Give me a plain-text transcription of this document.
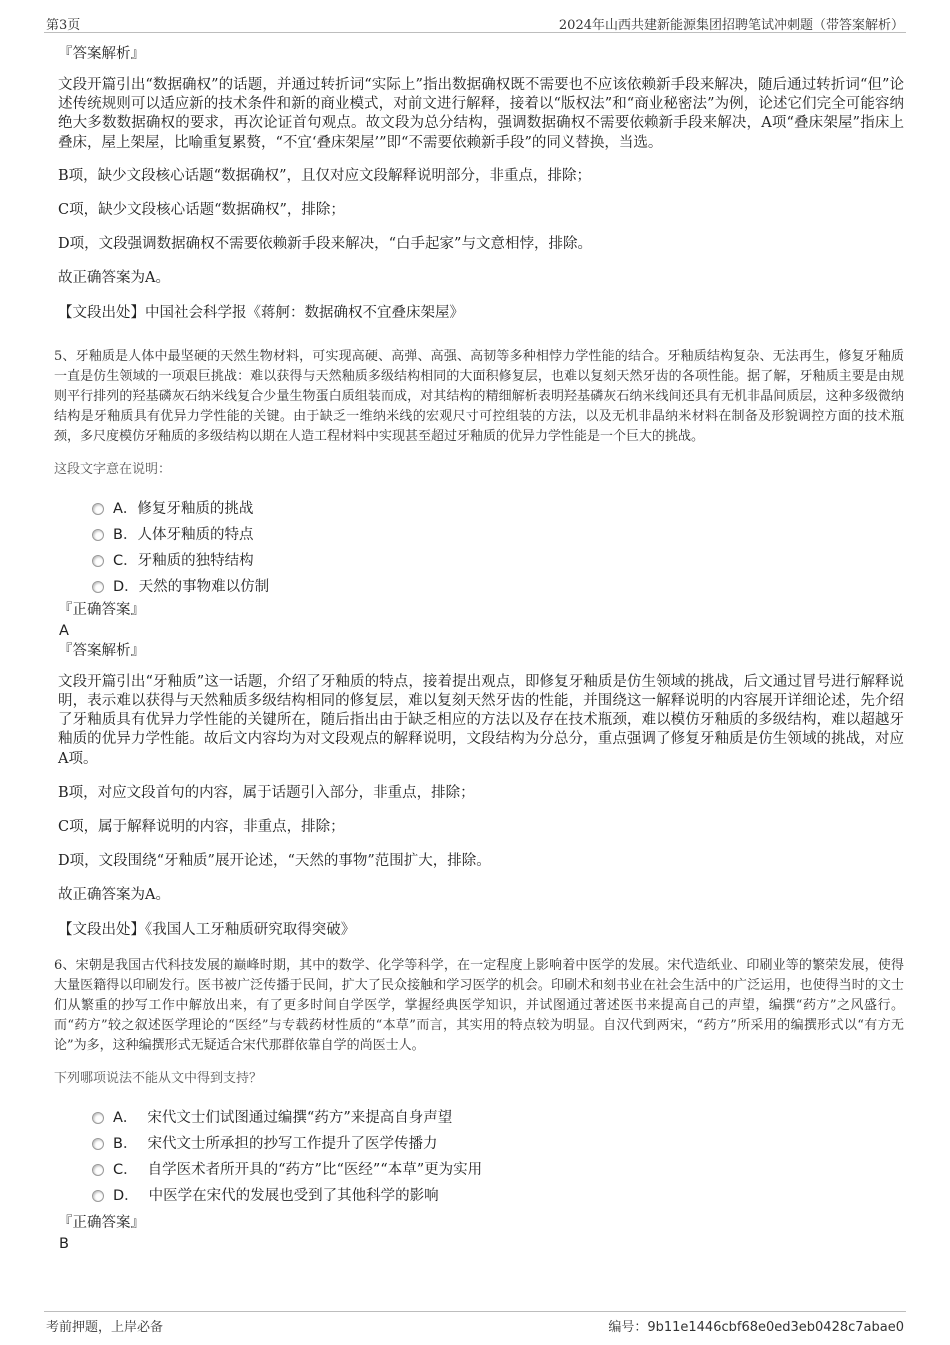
第3页	2024年山西共建新能源集团招聘笔试冲刺题（带答案解析）

『答案解析』

文段开篇引出“数据确权”的话题，并通过转折词“实际上”指出数据确权既不需要也不应该依赖新手段来解决，随后通过转折词“但”论述传统规则可以适应新的技术条件和新的商业模式，对前文进行解释，接着以“版权法”和“商业秘密法”为例，论述它们完全可能容纳绝大多数数据确权的要求，再次论证首句观点。故文段为总分结构，强调数据确权不需要依赖新手段来解决，A项“叠床架屋”指床上叠床，屋上架屋，比喻重复累赘，“不宜‘叠床架屋’”即“不需要依赖新手段”的同义替换，当选。

B项，缺少文段核心话题“数据确权”，且仅对应文段解释说明部分，非重点，排除；

C项，缺少文段核心话题“数据确权”，排除；

D项，文段强调数据确权不需要依赖新手段来解决，“白手起家”与文意相悖，排除。

故正确答案为A。

【文段出处】中国社会科学报《蒋舸：数据确权不宜叠床架屋》

5、牙釉质是人体中最坚硬的天然生物材料，可实现高硬、高弹、高强、高韧等多种相悖力学性能的结合。牙釉质结构复杂、无法再生，修复牙釉质一直是仿生领域的一项艰巨挑战：难以获得与天然釉质多级结构相同的大面积修复层，也难以复刻天然牙齿的各项性能。据了解，牙釉质主要是由规则平行排列的羟基磷灰石纳米线复合少量生物蛋白质组装而成，对其结构的精细解析表明羟基磷灰石纳米线间还具有无机非晶间质层，这种多级微纳结构是牙釉质具有优异力学性能的关键。由于缺乏一维纳米线的宏观尺寸可控组装的方法，以及无机非晶纳米材料在制备及形貌调控方面的技术瓶颈，多尺度模仿牙釉质的多级结构以期在人造工程材料中实现甚至超过牙釉质的优异力学性能是一个巨大的挑战。

这段文字意在说明：

A． 修复牙釉质的挑战
B． 人体牙釉质的特点
C． 牙釉质的独特结构
D． 天然的事物难以仿制

『正确答案』

A

『答案解析』

文段开篇引出“牙釉质”这一话题，介绍了牙釉质的特点，接着提出观点，即修复牙釉质是仿生领域的挑战，后文通过冒号进行解释说明，表示难以获得与天然釉质多级结构相同的修复层，难以复刻天然牙齿的性能，并围绕这一解释说明的内容展开详细论述，先介绍了牙釉质具有优异力学性能的关键所在，随后指出由于缺乏相应的方法以及存在技术瓶颈，难以模仿牙釉质的多级结构，难以超越牙釉质的优异力学性能。故后文内容均为对文段观点的解释说明，文段结构为分总分，重点强调了修复牙釉质是仿生领域的挑战，对应A项。

B项，对应文段首句的内容，属于话题引入部分，非重点，排除；

C项，属于解释说明的内容，非重点，排除；

D项，文段围绕“牙釉质”展开论述，“天然的事物”范围扩大，排除。

故正确答案为A。

【文段出处】《我国人工牙釉质研究取得突破》

6、宋朝是我国古代科技发展的巅峰时期，其中的数学、化学等科学，在一定程度上影响着中医学的发展。宋代造纸业、印刷业等的繁荣发展，使得大量医籍得以印刷发行。医书被广泛传播于民间，扩大了民众接触和学习医学的机会。印刷术和刻书业在社会生活中的广泛运用，也使得当时的文士们从繁重的抄写工作中解放出来，有了更多时间自学医学，掌握经典医学知识，并试图通过著述医书来提高自己的声望，编撰“药方”之风盛行。而“药方”较之叙述医学理论的“医经”与专载药材性质的“本草”而言，其实用的特点较为明显。自汉代到两宋，“药方”所采用的编撰形式以“有方无论”为多，这种编撰形式无疑适合宋代那群依靠自学的尚医士人。

下列哪项说法不能从文中得到支持？

A． 宋代文士们试图通过编撰“药方”来提高自身声望
B． 宋代文士所承担的抄写工作提升了医学传播力
C． 自学医术者所开具的“药方”比“医经”“本草”更为实用
D． 中医学在宋代的发展也受到了其他科学的影响

『正确答案』

B

考前押题，上岸必备	编号：9b11e1446cbf68e0ed3eb0428c7abae0
